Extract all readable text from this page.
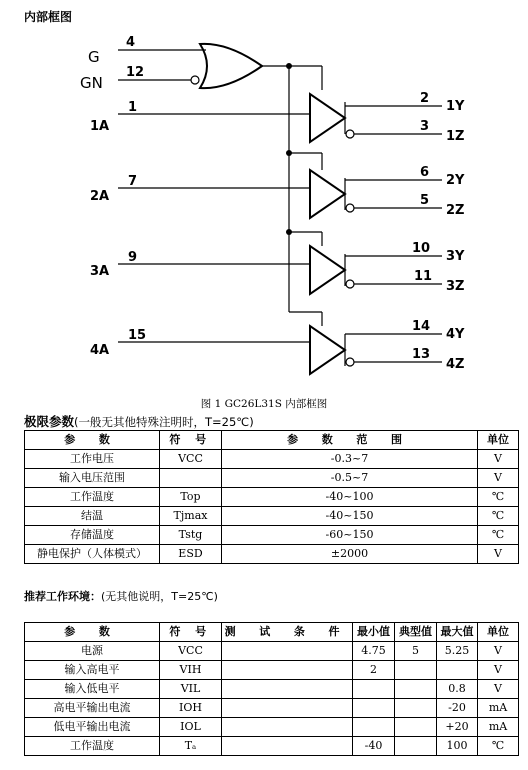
内部框图
G
GN
4
12
1A
1
2A
7
3A
9
4A
15
2
1Y
3
1Z
6
2Y
5
2Z
10
3Y
11
3Z
14
4Y
13
4Z
图 1 GC26L31S 内部框图
极限参数(一般无其他特殊注明时，T=25℃)
参 数	符 号	参 数 范 围	单位
工作电压	VCC	-0.3~7	V
输入电压范围		-0.5~7	V
工作温度	Top	-40~100	℃
结温	Tjmax	-40~150	℃
存储温度	Tstg	-60~150	℃
静电保护（人体模式）	ESD	±2000	V
推荐工作环境：(无其他说明，T=25℃)
参 数	符 号	测 试 条 件	最小值	典型值	最大值	单位
电源	VCC		4.75	5	5.25	V
输入高电平	VIH		2			V
输入低电平	VIL				0.8	V
高电平输出电流	IOH				-20	mA
低电平输出电流	IOL				+20	mA
工作温度	Tₐ		-40		100	℃
